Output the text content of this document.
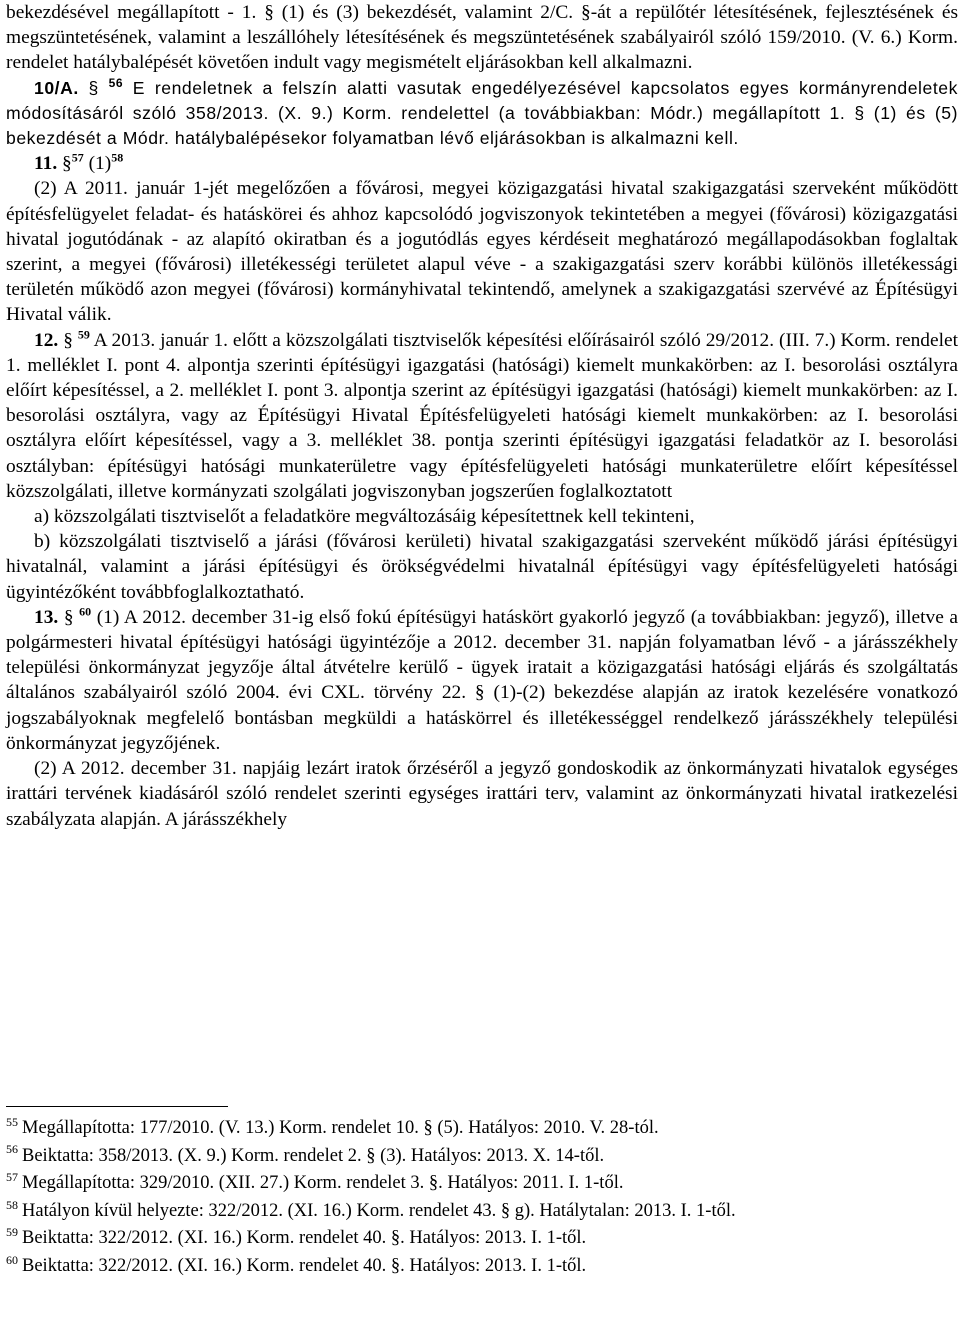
bekezdésével megállapított - 1. § (1) és (3) bekezdését, valamint 2/C. §-át a repülőtér létesítésének, fejlesztésének és megszüntetésének, valamint a leszállóhely létesítésének és megszüntetésének szabályairól szóló 159/2010. (V. 6.) Korm. rendelet hatálybalépését követően indult vagy megismételt eljárásokban kell alkalmazni.

10/A. § $^{56}$ E rendeletnek a felszín alatti vasutak engedélyezésével kapcsolatos egyes kormányrendeletek módosításáról szóló 358/2013. (X. 9.) Korm. rendelettel (a továbbiakban: Módr.) megállapított 1. § (1) és (5) bekezdését a Módr. hatálybalépésekor folyamatban lévő eljárásokban is alkalmazni kell.
11. §$^{57}$ $(1)^{58}$

(2) A 2011. január 1-jét megelőzően a fővárosi, megyei közigazgatási hivatal szakigazgatási szerveként működött építésfelügyelet feladat- és hatáskörei és ahhoz kapcsolódó jogviszonyok tekintetében a megyei (fővárosi) közigazgatási hivatal jogutódának - az alapító okiratban és a jogutódlás egyes kérdéseit meghatározó megállapodásokban foglaltak szerint, a megyei (fővárosi) illetékességi területet alapul véve - a szakigazgatási szerv korábbi különös illetékessági területén működő azon megyei (fővárosi) kormányhivatal tekintendő, amelynek a szakigazgatási szervévé az Építésügyi Hivatal válik.

12. § $^{59}$ A 2013. január 1. előtt a közszolgálati tisztviselők képesítési előírásairól szóló 29/2012. (III. 7.) Korm. rendelet 1. melléklet I. pont 4. alpontja szerinti építésügyi igazgatási (hatósági) kiemelt munkakörben: az I. besorolási osztályra előírt képesítéssel, a 2. melléklet I. pont 3. alpontja szerint az építésügyi igazgatási (hatósági) kiemelt munkakörben: az I. besorolási osztályra, vagy az Építésügyi Hivatal Építésfelügyeleti hatósági kiemelt munkakörben: az I. besorolási osztályra előírt képesítéssel, vagy a 3. melléklet 38. pontja szerinti építésügyi igazgatási feladatkör az I. besorolási osztályban: építésügyi hatósági munkaterületre vagy építésfelügyeleti hatósági munkaterületre előírt képesítéssel közszolgálati, illetve kormányzati szolgálati jogviszonyban jogszerűen foglalkoztatott

a) közszolgálati tisztviselőt a feladatköre megváltozásáig képesítettnek kell tekinteni,

b) közszolgálati tisztviselő a járási (fővárosi kerületi) hivatal szakigazgatási szerveként működő járási építésügyi hivatalnál, valamint a járási építésügyi és örökségvédelmi hivatalnál építésügyi vagy építésfelügyeleti hatósági ügyintézőként továbbfoglalkoztatható.

13. § $^{60}$ (1) A 2012. december 31-ig első fokú építésügyi hatáskört gyakorló jegyző (a továbbiakban: jegyző), illetve a polgármesteri hivatal építésügyi hatósági ügyintézője a 2012. december 31. napján folyamatban lévő - a járásszékhely települési önkormányzat jegyzője által átvételre kerülő - ügyek iratait a közigazgatási hatósági eljárás és szolgáltatás általános szabályairól szóló 2004. évi CXL. törvény 22. § (1)-(2) bekezdése alapján az iratok kezelésére vonatkozó jogszabályoknak megfelelő bontásban megküldi a hatáskörrel és illetékességgel rendelkező járásszékhely települési önkormányzat jegyzőjének.

(2) A 2012. december 31. napjáig lezárt iratok őrzéséről a jegyző gondoskodik az önkormányzati hivatalok egységes irattári tervének kiadásáról szóló rendelet szerinti egységes irattári terv, valamint az önkormányzati hivatal iratkezelési szabályzata alapján. A járásszékhely

$^{55}$ Megállapította: 177/2010. (V. 13.) Korm. rendelet 10. § (5). Hatályos: 2010. V. 28-tól.

$^{56}$ Beiktatta: 358/2013. (X. 9.) Korm. rendelet 2. § (3). Hatályos: 2013. X. 14-től.

$^{57}$ Megállapította: 329/2010. (XII. 27.) Korm. rendelet 3. §. Hatályos: 2011. I. 1-től.

$^{58}$ Hatályon kívül helyezte: 322/2012. (XI. 16.) Korm. rendelet 43. § g). Hatálytalan: 2013. I. 1-től.

$^{59}$ Beiktatta: 322/2012. (XI. 16.) Korm. rendelet 40. §. Hatályos: 2013. I. 1-től.

$^{60}$ Beiktatta: 322/2012. (XI. 16.) Korm. rendelet 40. §. Hatályos: 2013. I. 1-től.
